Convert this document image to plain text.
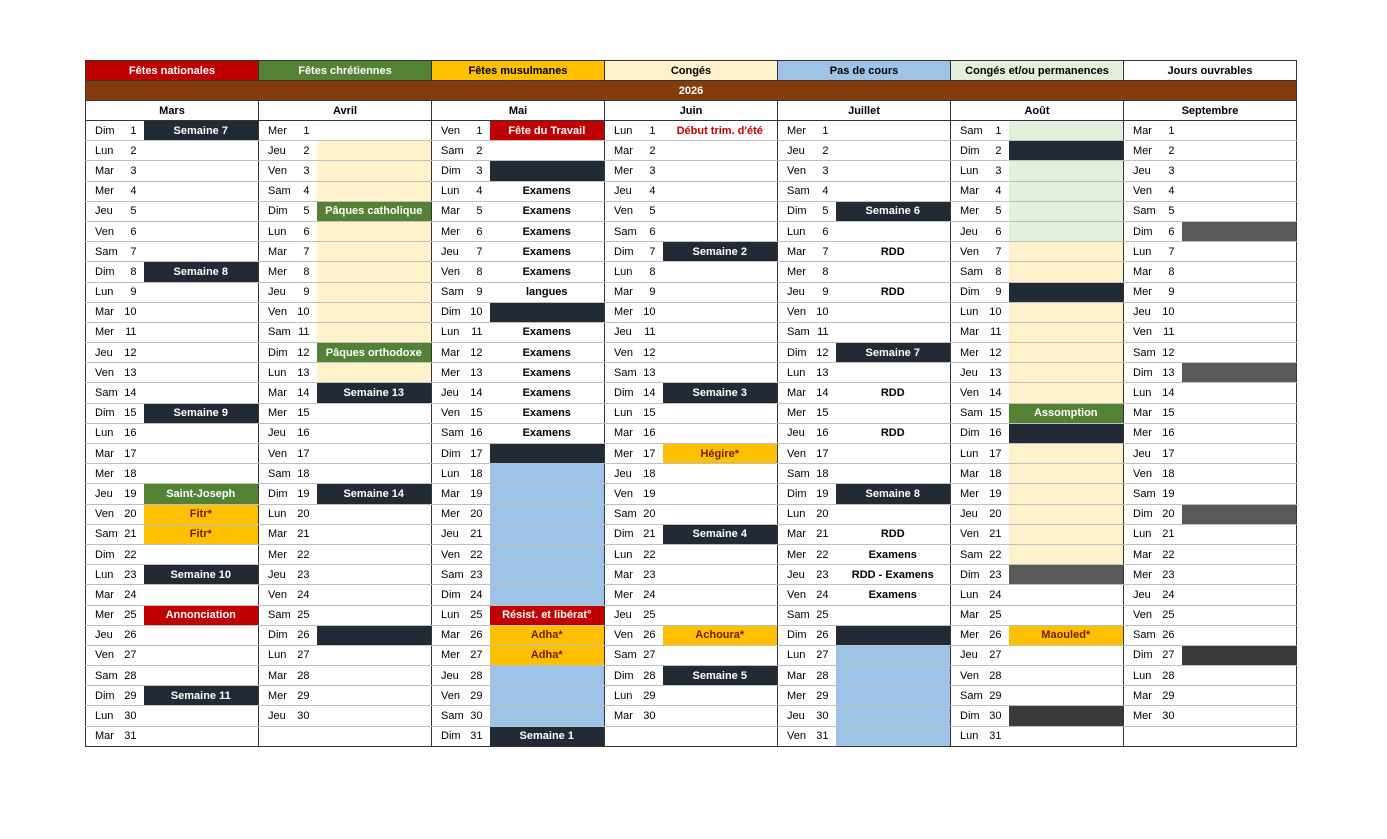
Fêtes nationales		Fêtes chrétiennes		Fêtes musulmanes		Congés		Pas de cours		Congés et/ou permanences		Jours ouvrables	
2026													
Mars		Avril		Mai		Juin		Juillet		Août		Septembre	

Dim 1	Semaine 7	Mer 1		Ven 1	Fête du Travail	Lun 1	Début trim. d'été	Mer 1		Sam 1		Mar 1	

Lun 2		Jeu 2		Sam 2		Mar 2		Jeu 2		Dim 2		Mer 2	

Mar 3		Ven 3		Dim 3		Mer 3		Ven 3		Lun 3		Jeu 3	

Mer 4		Sam 4		Lun 4	Examens	Jeu 4		Sam 4		Mar 4		Ven 4	

Jeu 5		Dim 5	Pâques catholique	Mar 5	Examens	Ven 5		Dim 5	Semaine 6	Mer 5		Sam 5	

Ven 6		Lun 6		Mer 6	Examens	Sam 6		Lun 6		Jeu 6		Dim 6	

Sam 7		Mar 7		Jeu 7	Examens	Dim 7	Semaine 2	Mar 7	RDD	Ven 7		Lun 7	

Dim 8	Semaine 8	Mer 8		Ven 8	Examens	Lun 8		Mer 8		Sam 8		Mar 8	

Lun 9		Jeu 9		Sam 9	langues	Mar 9		Jeu 9	RDD	Dim 9		Mer 9	

Mar 10		Ven 10		Dim 10		Mer 10		Ven 10		Lun 10		Jeu 10	

Mer 11		Sam 11		Lun 11	Examens	Jeu 11		Sam 11		Mar 11		Ven 11	

Jeu 12		Dim 12	Pâques orthodoxe	Mar 12	Examens	Ven 12		Dim 12	Semaine 7	Mer 12		Sam 12	

Ven 13		Lun 13		Mer 13	Examens	Sam 13		Lun 13		Jeu 13		Dim 13	

Sam 14		Mar 14	Semaine 13	Jeu 14	Examens	Dim 14	Semaine 3	Mar 14	RDD	Ven 14		Lun 14	

Dim 15	Semaine 9	Mer 15		Ven 15	Examens	Lun 15		Mer 15		Sam 15	Assomption	Mar 15	

Lun 16		Jeu 16		Sam 16	Examens	Mar 16		Jeu 16	RDD	Dim 16		Mer 16	

Mar 17		Ven 17		Dim 17		Mer 17	Hégire*	Ven 17		Lun 17		Jeu 17	

Mer 18		Sam 18		Lun 18		Jeu 18		Sam 18		Mar 18		Ven 18	

Jeu 19	Saint-Joseph	Dim 19	Semaine 14	Mar 19		Ven 19		Dim 19	Semaine 8	Mer 19		Sam 19	

Ven 20	Fitr*	Lun 20		Mer 20		Sam 20		Lun 20		Jeu 20		Dim 20	

Sam 21	Fitr*	Mar 21		Jeu 21		Dim 21	Semaine 4	Mar 21	RDD	Ven 21		Lun 21	

Dim 22		Mer 22		Ven 22		Lun 22		Mer 22	Examens	Sam 22		Mar 22	

Lun 23	Semaine 10	Jeu 23		Sam 23		Mar 23		Jeu 23	RDD - Examens	Dim 23		Mer 23	

Mar 24		Ven 24		Dim 24		Mer 24		Ven 24	Examens	Lun 24		Jeu 24	

Mer 25	Annonciation	Sam 25		Lun 25	Résist. et libérat°	Jeu 25		Sam 25		Mar 25		Ven 25	

Jeu 26		Dim 26		Mar 26	Adha*	Ven 26	Achoura*	Dim 26		Mer 26	Maouled*	Sam 26	

Ven 27		Lun 27		Mer 27	Adha*	Sam 27		Lun 27		Jeu 27		Dim 27	

Sam 28		Mar 28		Jeu 28		Dim 28	Semaine 5	Mar 28		Ven 28		Lun 28	

Dim 29	Semaine 11	Mer 29		Ven 29		Lun 29		Mer 29		Sam 29		Mar 29	

Lun 30		Jeu 30		Sam 30		Mar 30		Jeu 30		Dim 30		Mer 30	

Mar 31				Dim 31	Semaine 1			Ven 31		Lun 31			
